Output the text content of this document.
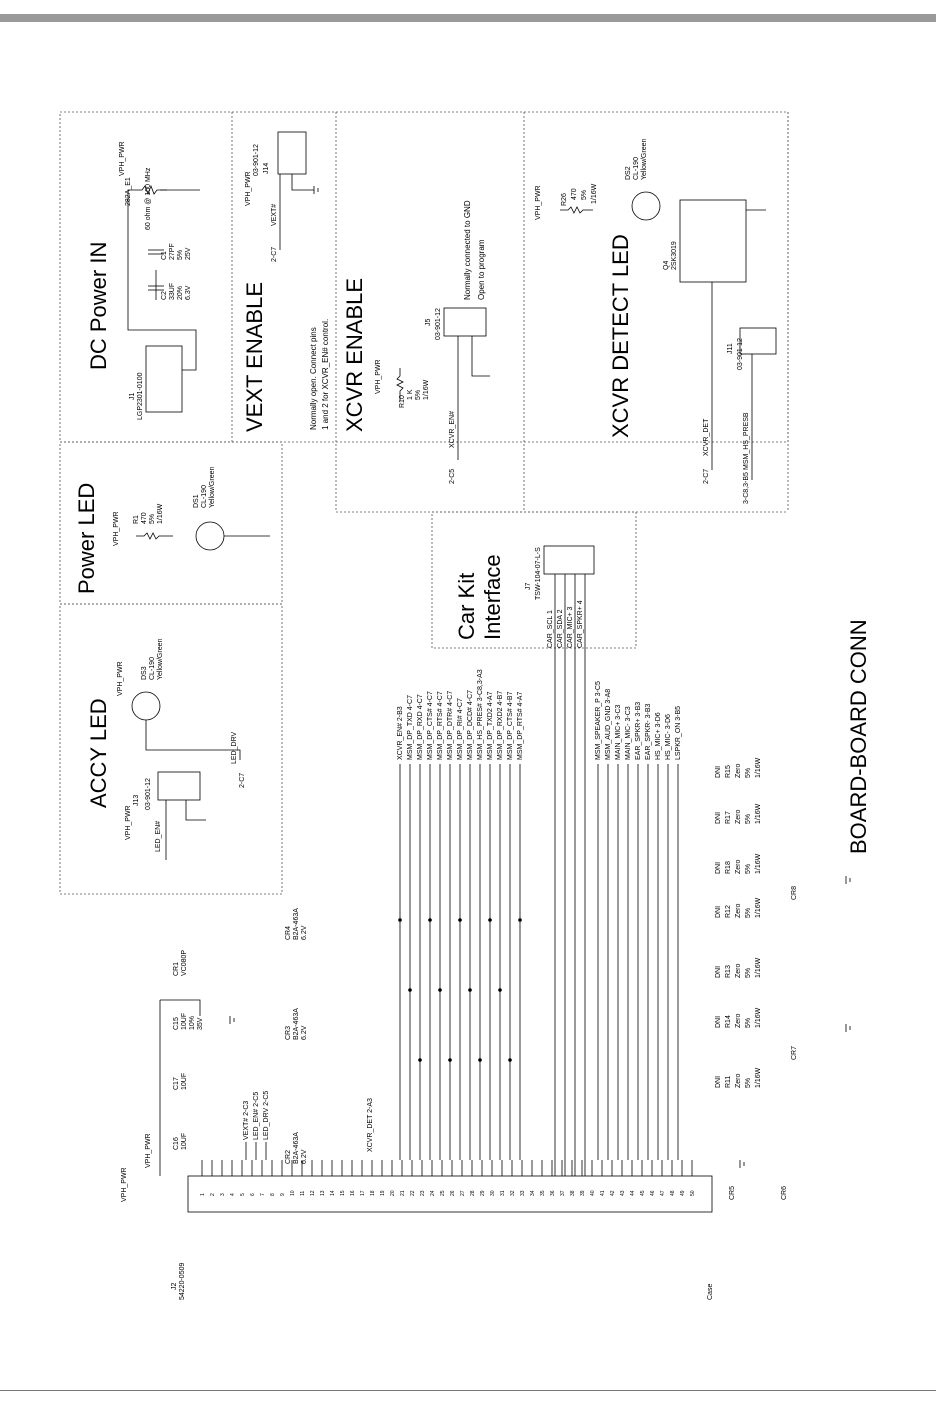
DC Power IN	VEXT ENABLE	XCVR ENABLE	XCVR DETECT LED
Power LED
ACCY LED
Car Kit Interface
BOARD-BOARD CONN
Normally open. Connect pins 1 and 2 for XCVR_EN# control.
Normally connected to GND Open to program
J1 LGP2301-0100
282A_E1 60 ohm @ 100 MHz
VPH_PWR
C2 33UF 20% 6.3V
C1 27PF 5% 25V
J14
03-901-12
VPH_PWR
VEXT#
2-C7
J5 03-901-12
VPH_PWR
R10
1 K 5% 1/16W
XCVR_EN#
2-C5
VPH_PWR	R26 470 5% 1/16W
DS2 CL-190 Yellow/Green
Q4 2SK3019
J11 03-901-12
XCVR_DET
2-C7
MSM_HS_PRESB
3-C8,3-B5
VPH_PWR R1 470 5% 1/16W
DS1 CL-190 Yellow/Green
J7 TSW-104-07-L-S
CAR_SCL 1 CAR_SDA 2 CAR_MIC+ 3 CAR_SPKR+ 4
VPH_PWR DS3 CL-190 Yellow/Green
LED_DRV
2-C7
J13 03-901-12
VPH_PWR	LED_EN#
J2 54220-0509	Case
VPH_PWR
VPH_PWR
1 2 3 4 5 6 7 8 9 10 11 12 13 14 15 16 17 18 19 20 21 22 23 24 25 26 27 28 29 30 31 32 33 34 35 36 37 38 39 40 41 42 43 44 45 46 47 48 49 50
XCVR_EN# 2-B3 MSM_DP_TXD 4-C7 MSM_DP_RXD 4-C7 MSM_DP_CTS# 4-C7 MSM_DP_RTS# 4-C7 MSM_DP_DTR# 4-C7 MSM_DP_RI# 4-C7 MSM_DP_DCD# 4-C7 MSM_HS_PRES# 3-C8,3-A3 MSM_DP_TXD2 4-A7 MSM_DP_RXD2 4-B7 MSM_DP_CTS# 4-B7 MSM_DP_RTS# 4-A7	MSM_SPEAKER_P 3-C5 MSM_AUD_GND 3-A8 MAIN_MIC+ 3-C3 MAIN_MIC- 3-C3 EAR_SPKR+ 3-B3 EAR_SPKR- 3-B3 HS_MIC+ 3-D6 HS_MIC- 3-D6 LSPKR_ON 3-B5
VEXT# 2-C3 LED_EN# 2-C5 LED_DRV 2-C5	XCVR_DET 2-A3
C15 10UF 10% 35V
C17 10UF
C16 10UF
CR1 VC080P
CR2 B2A-463A 6.2V
CR3 B2A-463A 6.2V
CR4 B2A-463A 6.2V
CR5	CR6
CR7
CR8
DNI R11 Zero 5% 1/16W
DNI R14 Zero 5% 1/16W
DNI R13 Zero 5% 1/16W
DNI R12 Zero 5% 1/16W
DNI R18 Zero 5% 1/16W
DNI R17 Zero 5% 1/16W
DNI R15 Zero 5% 1/16W
